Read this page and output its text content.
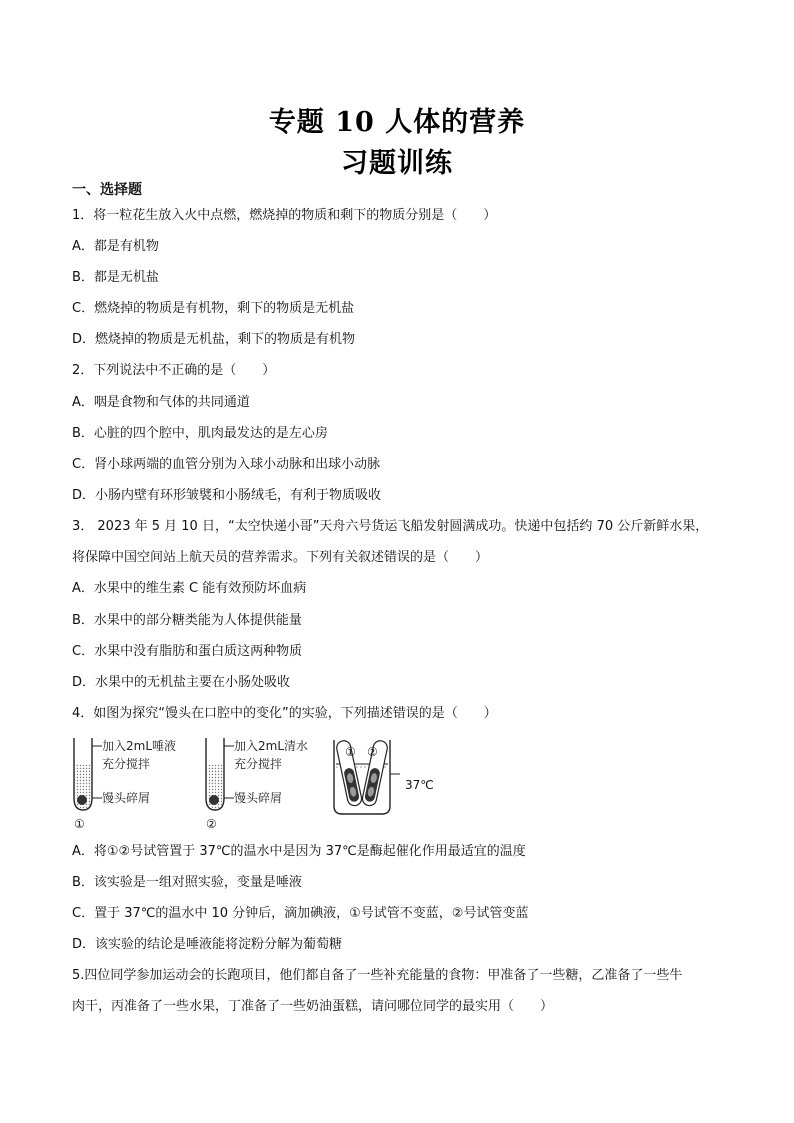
专题 10 人体的营养
习题训练
一、选择题
1．将一粒花生放入火中点燃，燃烧掉的物质和剩下的物质分别是（　　）
A．都是有机物
B．都是无机盐
C．燃烧掉的物质是有机物，剩下的物质是无机盐
D．燃烧掉的物质是无机盐，剩下的物质是有机物
2．下列说法中不正确的是（　　）
A．咽是食物和气体的共同通道
B．心脏的四个腔中，肌肉最发达的是左心房
C．肾小球两端的血管分别为入球小动脉和出球小动脉
D．小肠内壁有环形皱襞和小肠绒毛，有利于物质吸收
3． 2023 年 5 月 10 日，“太空快递小哥”天舟六号货运飞船发射圆满成功。快递中包括约 70 公斤新鲜水果，
将保障中国空间站上航天员的营养需求。下列有关叙述错误的是（　　）
A．水果中的维生素 C 能有效预防坏血病
B．水果中的部分糖类能为人体提供能量
C．水果中没有脂肪和蛋白质这两种物质
D．水果中的无机盐主要在小肠处吸收
4．如图为探究“馒头在口腔中的变化”的实验，下列描述错误的是（　　）
加入2mL唾液
充分搅拌
馒头碎屑
①
加入2mL清水
充分搅拌
馒头碎屑
②
① ②
37℃
A．将①②号试管置于 37℃的温水中是因为 37℃是酶起催化作用最适宜的温度
B．该实验是一组对照实验，变量是唾液
C．置于 37℃的温水中 10 分钟后，滴加碘液，①号试管不变蓝，②号试管变蓝
D．该实验的结论是唾液能将淀粉分解为葡萄糖
5.四位同学参加运动会的长跑项目，他们都自备了一些补充能量的食物：甲准备了一些糖，乙准备了一些牛
肉干，丙准备了一些水果，丁准备了一些奶油蛋糕，请问哪位同学的最实用（　　）
